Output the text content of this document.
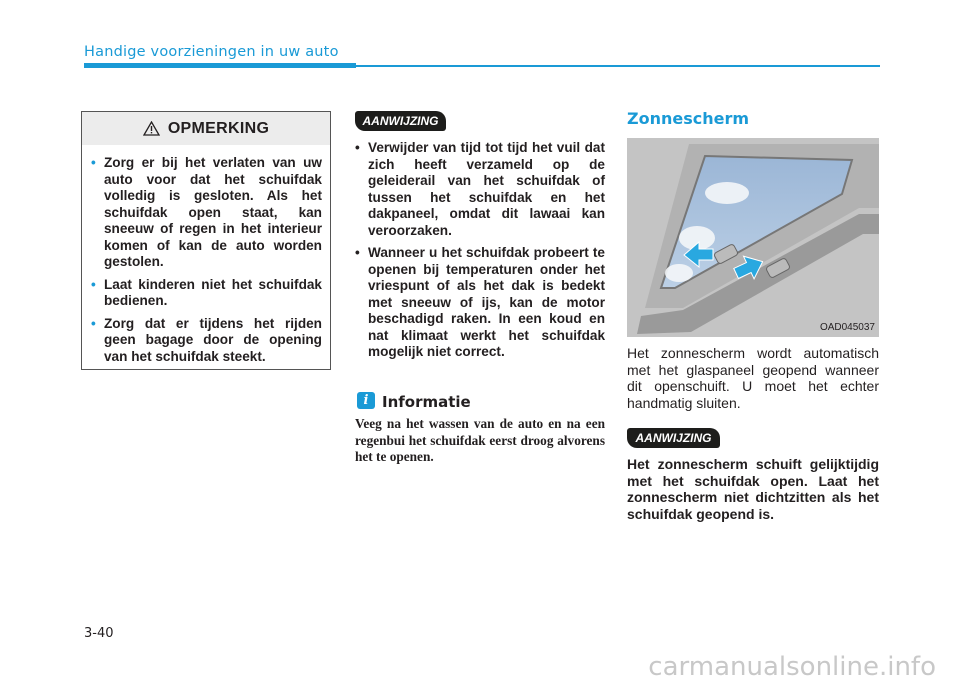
Handige voorzieningen in uw auto
OPMERKING
• Zorg er bij het verlaten van uw auto voor dat het schuifdak volledig is gesloten. Als het schuifdak open staat, kan sneeuw of regen in het interieur komen of kan de auto worden gestolen.
• Laat kinderen niet het schuifdak bedienen.
• Zorg dat er tijdens het rijden geen bagage door de opening van het schuifdak steekt.
AANWIJZING
• Verwijder van tijd tot tijd het vuil dat zich heeft verzameld op de geleiderail van het schuifdak of tussen het schuifdak en het dakpaneel, omdat dit lawaai kan veroorzaken.
• Wanneer u het schuifdak probeert te openen bij temperaturen onder het vriespunt of als het dak is bedekt met sneeuw of ijs, kan de motor beschadigd raken. In een koud en nat klimaat werkt het schuifdak mogelijk niet correct.
i Informatie
Veeg na het wassen van de auto en na een regenbui het schuifdak eerst droog alvorens het te openen.
Zonnescherm
OAD045037
Het zonnescherm wordt automatisch met het glaspaneel geopend wanneer dit openschuift. U moet het echter handmatig sluiten.
AANWIJZING
Het zonnescherm schuift gelijktijdig met het schuifdak open. Laat het zonnescherm niet dichtzitten als het schuifdak geopend is.
3-40
carmanualsonline.info
